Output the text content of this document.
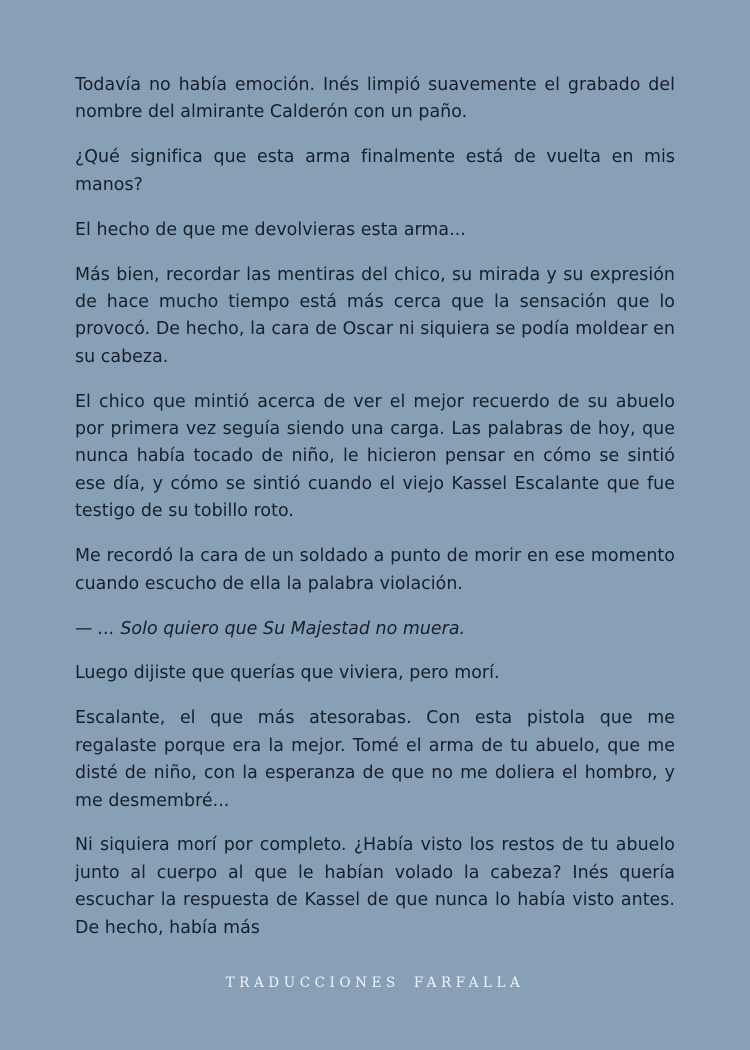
Todavía no había emoción. Inés limpió suavemente el grabado del nombre del almirante Calderón con un paño.

¿Qué significa que esta arma finalmente está de vuelta en mis manos?

El hecho de que me devolvieras esta arma...

Más bien, recordar las mentiras del chico, su mirada y su expresión de hace mucho tiempo está más cerca que la sensación que lo provocó. De hecho, la cara de Oscar ni siquiera se podía moldear en su cabeza.

El chico que mintió acerca de ver el mejor recuerdo de su abuelo por primera vez seguía siendo una carga. Las palabras de hoy, que nunca había tocado de niño, le hicieron pensar en cómo se sintió ese día, y cómo se sintió cuando el viejo Kassel Escalante que fue testigo de su tobillo roto.

Me recordó la cara de un soldado a punto de morir en ese momento cuando escucho de ella la palabra violación.

— ... Solo quiero que Su Majestad no muera.

Luego dijiste que querías que viviera, pero morí.

Escalante, el que más atesorabas. Con esta pistola que me regalaste porque era la mejor. Tomé el arma de tu abuelo, que me disté de niño, con la esperanza de que no me doliera el hombro, y me desmembré...

Ni siquiera morí por completo. ¿Había visto los restos de tu abuelo junto al cuerpo al que le habían volado la cabeza? Inés quería escuchar la respuesta de Kassel de que nunca lo había visto antes. De hecho, había más

TRADUCCIONES FARFALLA
